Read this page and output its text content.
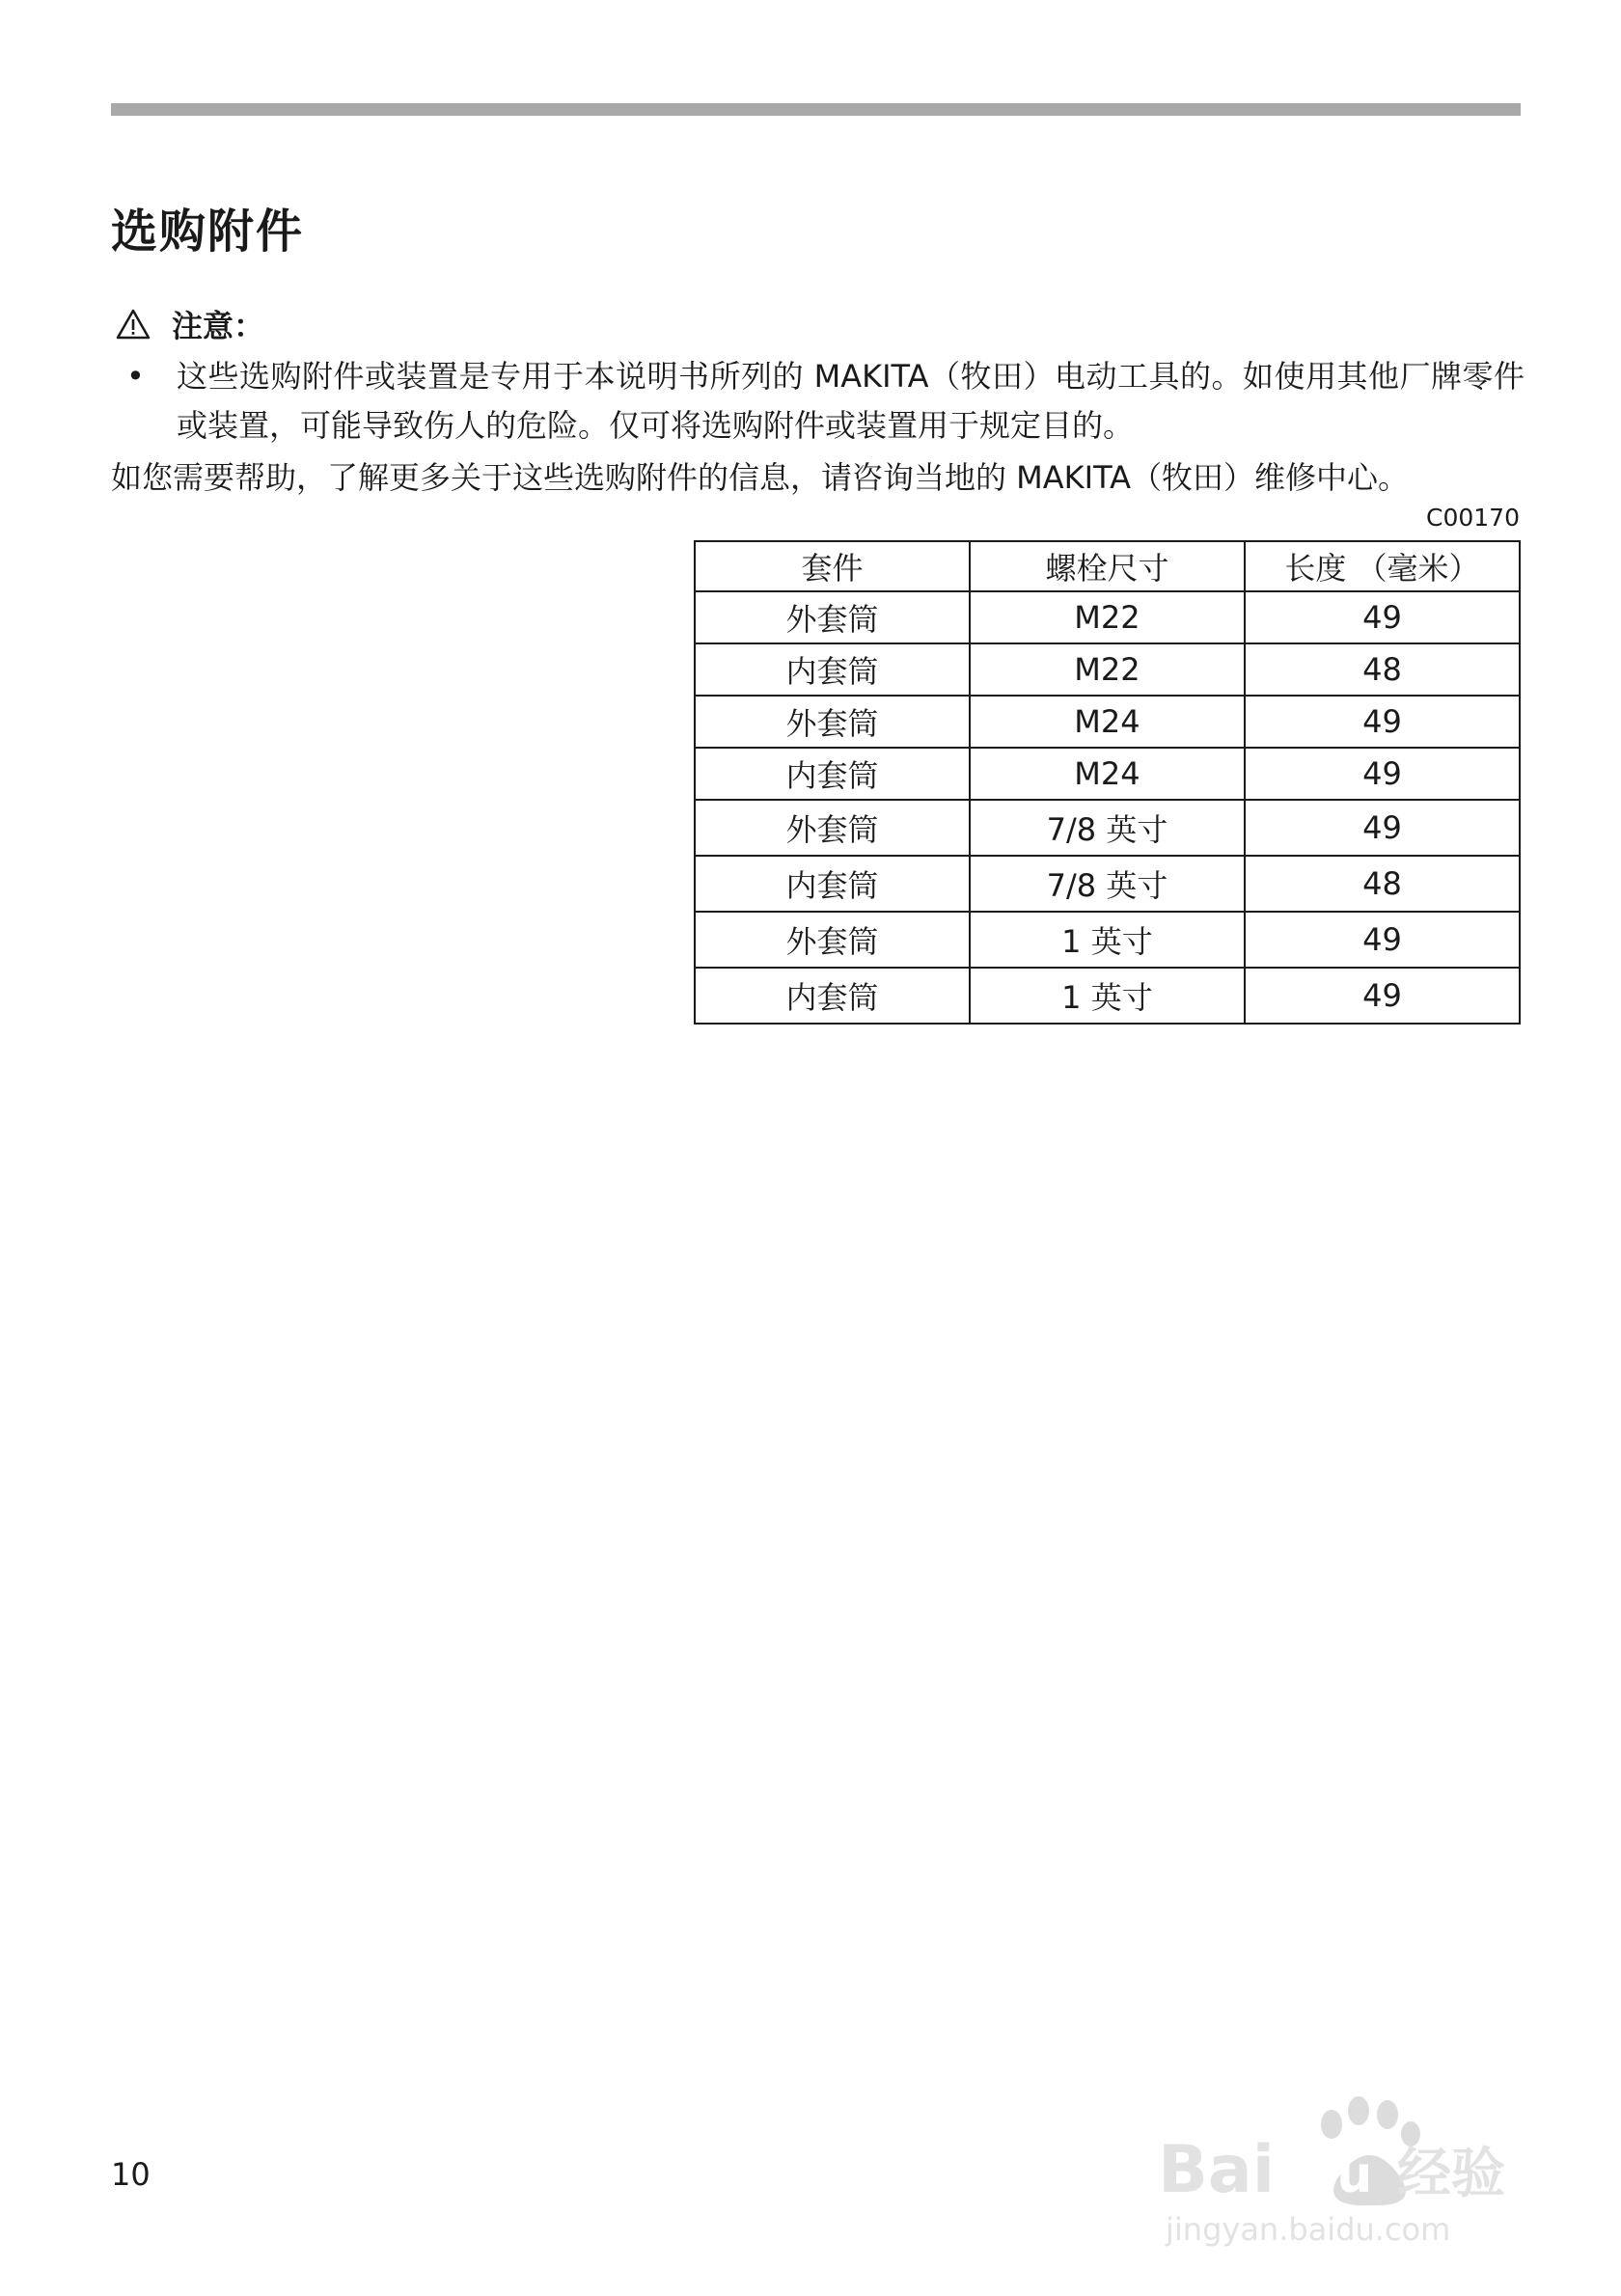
选购附件
注意：
• 这些选购附件或装置是专用于本说明书所列的 MAKITA（牧田）电动工具的。如使用其他厂牌零件或装置，可能导致伤人的危险。仅可将选购附件或装置用于规定目的。
如您需要帮助，了解更多关于这些选购附件的信息，请咨询当地的 MAKITA（牧田）维修中心。
C00170
套件	螺栓尺寸	长度 （毫米）
外套筒	M22	49
内套筒	M22	48
外套筒	M24	49
内套筒	M24	49
外套筒	7/8 英寸	49
内套筒	7/8 英寸	48
外套筒	1 英寸	49
内套筒	1 英寸	49
10	Bai du 经验
jingyan.baidu.com
